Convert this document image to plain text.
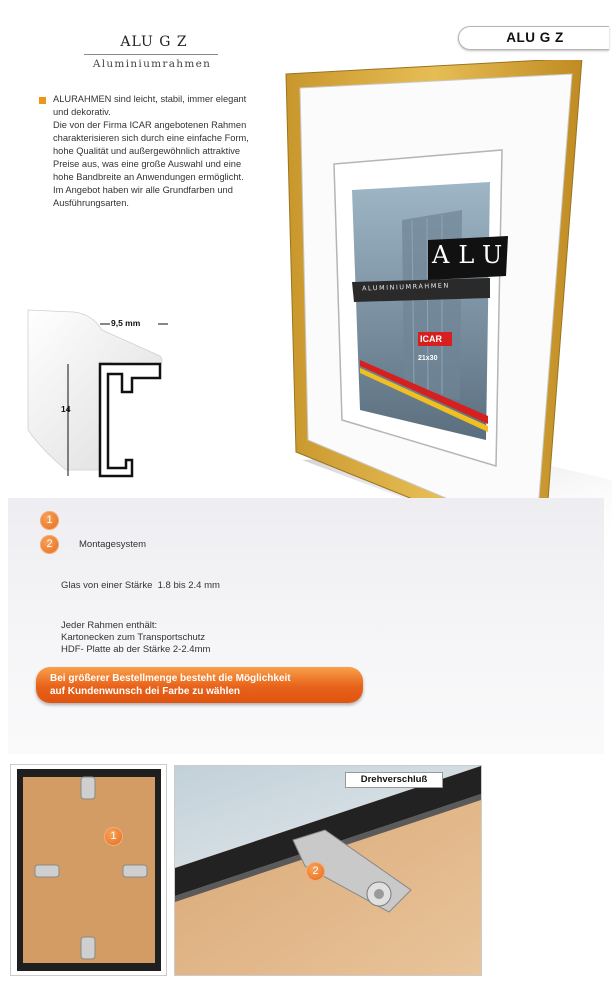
ALU G Z
Aluminiumrahmen
ALU G Z
ALURAHMEN sind leicht, stabil, immer elegant
und dekorativ.
Die von der Firma ICAR angebotenen Rahmen
charakterisieren sich durch eine einfache Form,
hohe Qualität und außergewöhnlich attraktive
Preise aus, was eine große Auswahl und eine
hohe Bandbreite an Anwendungen ermöglicht.
Im Angebot haben wir alle Grundfarben und
Ausführungsarten.
9,5 mm
14
ALU
ALUMINIUMRAHMEN
ICAR
21x30
1
2	Montagesystem
Glas von einer Stärke  1.8 bis 2.4 mm
Jeder Rahmen enthält:
Kartonecken zum Transportschutz
HDF- Platte ab der Stärke 2-2.4mm
Bei größerer Bestellmenge besteht die Möglichkeit
auf Kundenwunsch dei Farbe zu wählen
1
Drehverschluß
2
